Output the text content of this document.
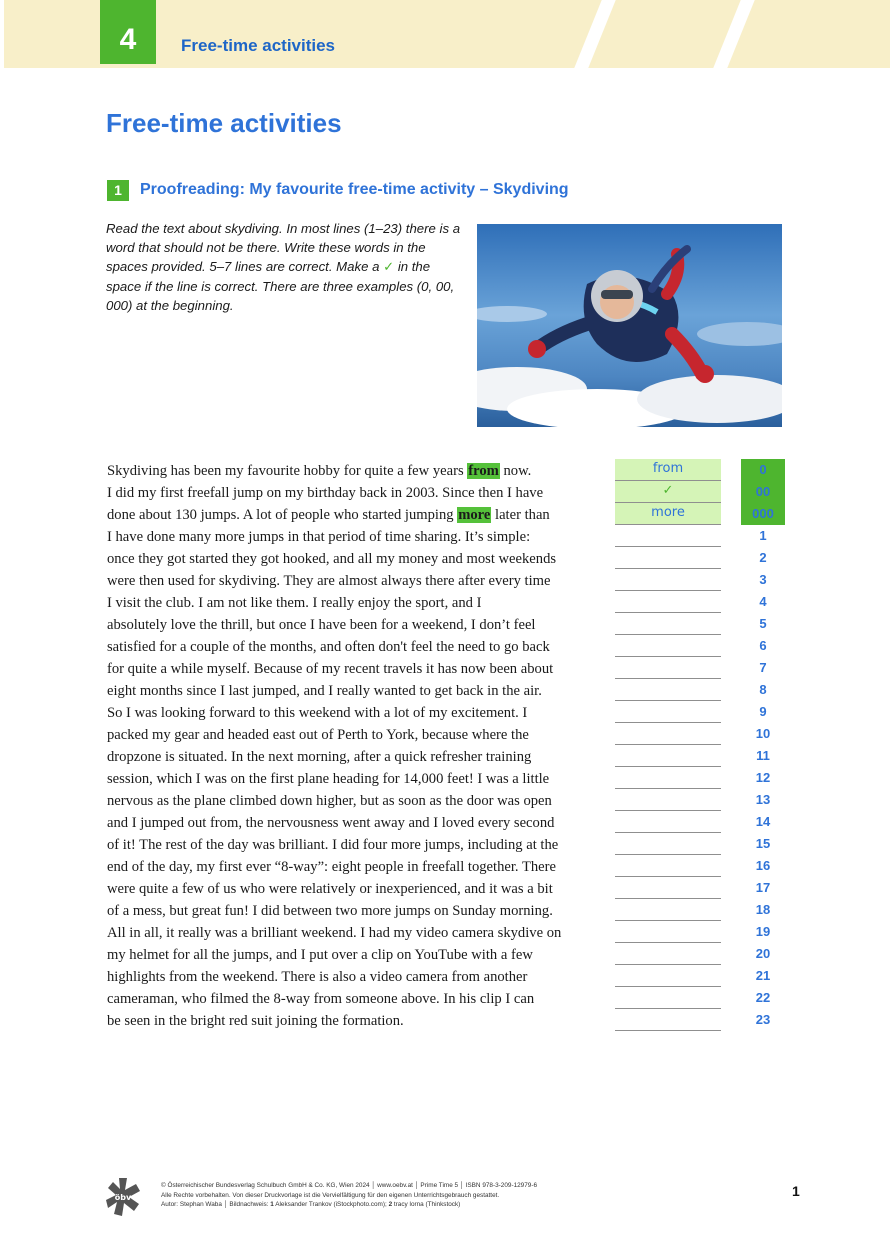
4	Free-time activities
Free-time activities
1	Proofreading: My favourite free-time activity – Skydiving
Read the text about skydiving. In most lines (1–23) there is a word that should not be there. Write these words in the spaces provided. 5–7 lines are correct. Make a ✓ in the space if the line is correct. There are three examples (0, 00, 000) at the beginning.
Skydiving has been my favourite hobby for quite a few years from now.
I did my first freefall jump on my birthday back in 2003. Since then I have
done about 130 jumps. A lot of people who started jumping more later than
I have done many more jumps in that period of time sharing. It’s simple:
once they got started they got hooked, and all my money and most weekends
were then used for skydiving. They are almost always there after every time
I visit the club. I am not like them. I really enjoy the sport, and I
absolutely love the thrill, but once I have been for a weekend, I don’t feel
satisfied for a couple of the months, and often don't feel the need to go back
for quite a while myself. Because of my recent travels it has now been about
eight months since I last jumped, and I really wanted to get back in the air.
So I was looking forward to this weekend with a lot of my excitement. I
packed my gear and headed east out of Perth to York, because where the
dropzone is situated. In the next morning, after a quick refresher training
session, which I was on the first plane heading for 14,000 feet! I was a little
nervous as the plane climbed down higher, but as soon as the door was open
and I jumped out from, the nervousness went away and I loved every second
of it! The rest of the day was brilliant. I did four more jumps, including at the
end of the day, my first ever “8-way”: eight people in freefall together. There
were quite a few of us who were relatively or inexperienced, and it was a bit
of a mess, but great fun! I did between two more jumps on Sunday morning.
All in all, it really was a brilliant weekend. I had my video camera skydive on
my helmet for all the jumps, and I put over a clip on YouTube with a few
highlights from the weekend. There is also a video camera from another
cameraman, who filmed the 8-way from someone above. In his clip I can
be seen in the bright red suit joining the formation.
from
✓
more
0
00
000
1
2
3
4
5
6
7
8
9
10
11
12
13
14
15
16
17
18
19
20
21
22
23
öbv
© Österreichischer Bundesverlag Schulbuch GmbH & Co. KG, Wien 2024 │ www.oebv.at │ Prime Time 5 │ ISBN 978-3-209-12979-6
Alle Rechte vorbehalten. Von dieser Druckvorlage ist die Vervielfältigung für den eigenen Unterrichtsgebrauch gestattet.
Autor: Stephan Waba │ Bildnachweis: 1 Aleksander Trankov (iStockphoto.com); 2 tracy lorna (Thinkstock)
1
